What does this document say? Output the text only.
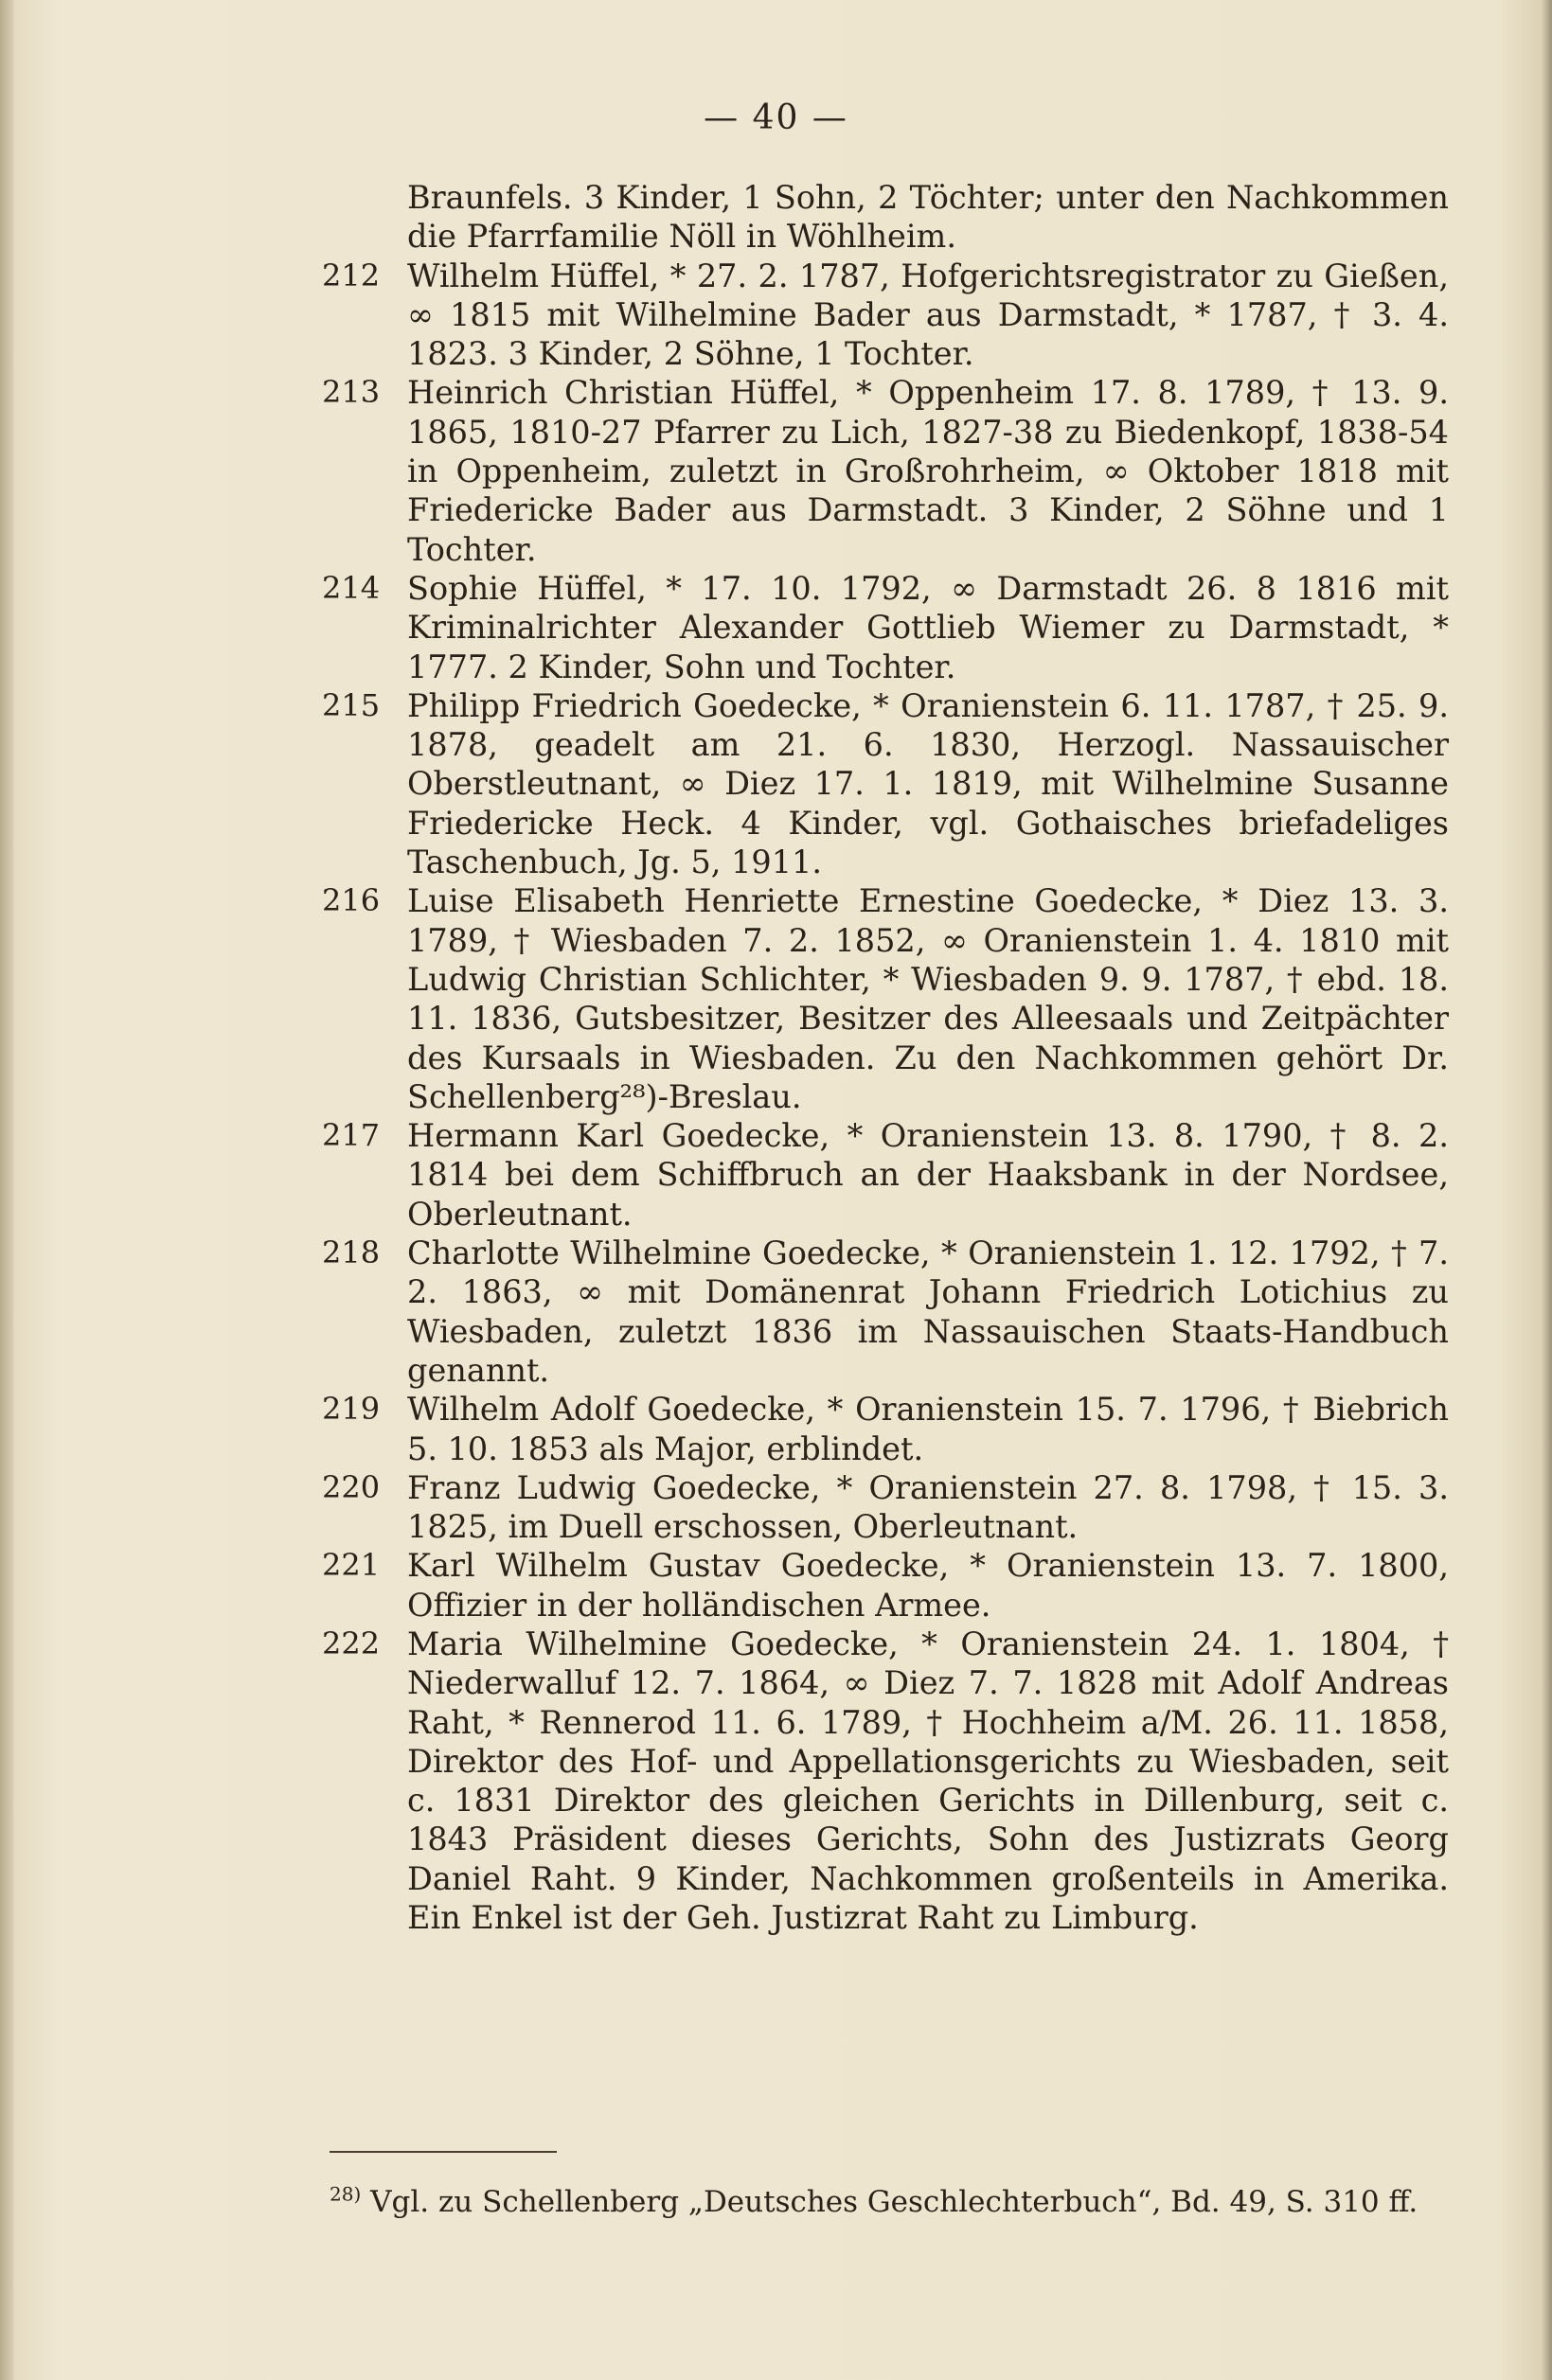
— 40 —

Braunfels. 3 Kinder, 1 Sohn, 2 Töchter; unter den Nachkommen die Pfarrfamilie Nöll in Wöhlheim.

212 Wilhelm Hüffel, * 27. 2. 1787, Hofgerichtsregistrator zu Gießen, ∞ 1815 mit Wilhelmine Bader aus Darmstadt, * 1787, † 3. 4. 1823. 3 Kinder, 2 Söhne, 1 Tochter.
213 Heinrich Christian Hüffel, * Oppenheim 17. 8. 1789, † 13. 9. 1865, 1810-27 Pfarrer zu Lich, 1827-38 zu Biedenkopf, 1838-54 in Oppenheim, zuletzt in Großrohrheim, ∞ Oktober 1818 mit Friedericke Bader aus Darmstadt. 3 Kinder, 2 Söhne und 1 Tochter.
214 Sophie Hüffel, * 17. 10. 1792, ∞ Darmstadt 26. 8 1816 mit Kriminalrichter Alexander Gottlieb Wiemer zu Darmstadt, * 1777. 2 Kinder, Sohn und Tochter.
215 Philipp Friedrich Goedecke, * Oranienstein 6. 11. 1787, † 25. 9. 1878, geadelt am 21. 6. 1830, Herzogl. Nassauischer Oberstleutnant, ∞ Diez 17. 1. 1819, mit Wilhelmine Susanne Friedericke Heck. 4 Kinder, vgl. Gothaisches briefadeliges Taschenbuch, Jg. 5, 1911.
216 Luise Elisabeth Henriette Ernestine Goedecke, * Diez 13. 3. 1789, † Wiesbaden 7. 2. 1852, ∞ Oranienstein 1. 4. 1810 mit Ludwig Christian Schlichter, * Wiesbaden 9. 9. 1787, † ebd. 18. 11. 1836, Gutsbesitzer, Besitzer des Alleesaals und Zeitpächter des Kursaals in Wiesbaden. Zu den Nachkommen gehört Dr. Schellenberg²⁸)-Breslau.
217 Hermann Karl Goedecke, * Oranienstein 13. 8. 1790, † 8. 2. 1814 bei dem Schiffbruch an der Haaksbank in der Nordsee, Oberleutnant.
218 Charlotte Wilhelmine Goedecke, * Oranienstein 1. 12. 1792, † 7. 2. 1863, ∞ mit Domänenrat Johann Friedrich Lotichius zu Wiesbaden, zuletzt 1836 im Nassauischen Staats-Handbuch genannt.
219 Wilhelm Adolf Goedecke, * Oranienstein 15. 7. 1796, † Biebrich 5. 10. 1853 als Major, erblindet.
220 Franz Ludwig Goedecke, * Oranienstein 27. 8. 1798, † 15. 3. 1825, im Duell erschossen, Oberleutnant.
221 Karl Wilhelm Gustav Goedecke, * Oranienstein 13. 7. 1800, Offizier in der holländischen Armee.
222 Maria Wilhelmine Goedecke, * Oranienstein 24. 1. 1804, † Niederwalluf 12. 7. 1864, ∞ Diez 7. 7. 1828 mit Adolf Andreas Raht, * Rennerod 11. 6. 1789, † Hochheim a/M. 26. 11. 1858, Direktor des Hof- und Appellationsgerichts zu Wiesbaden, seit c. 1831 Direktor des gleichen Gerichts in Dillenburg, seit c. 1843 Präsident dieses Gerichts, Sohn des Justizrats Georg Daniel Raht. 9 Kinder, Nachkommen großenteils in Amerika. Ein Enkel ist der Geh. Justizrat Raht zu Limburg.
$^{28)}$ Vgl. zu Schellenberg „Deutsches Geschlechterbuch“, Bd. 49, S. 310 ff.
